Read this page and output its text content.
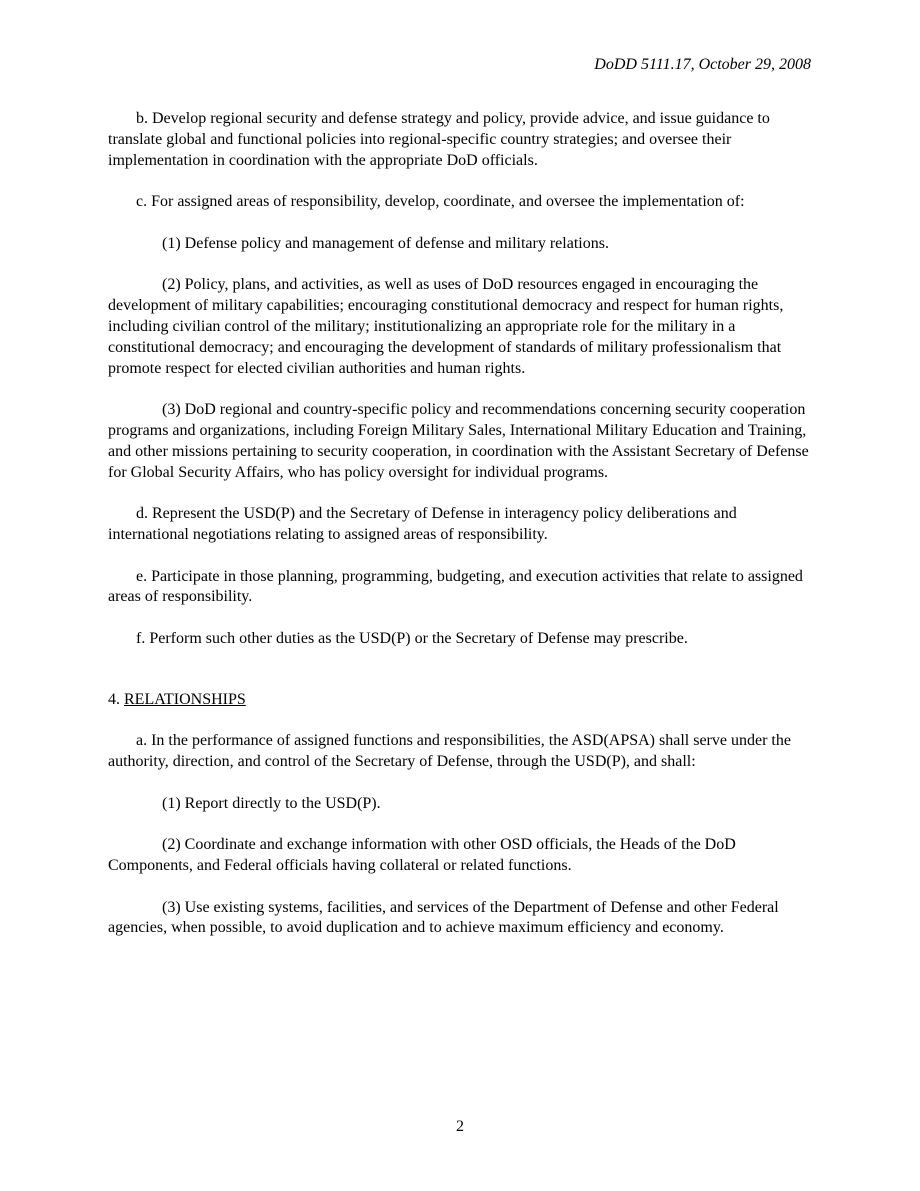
DoDD 5111.17, October 29, 2008

b. Develop regional security and defense strategy and policy, provide advice, and issue guidance to translate global and functional policies into regional-specific country strategies; and oversee their implementation in coordination with the appropriate DoD officials.

c. For assigned areas of responsibility, develop, coordinate, and oversee the implementation of:

(1) Defense policy and management of defense and military relations.

(2) Policy, plans, and activities, as well as uses of DoD resources engaged in encouraging the development of military capabilities; encouraging constitutional democracy and respect for human rights, including civilian control of the military; institutionalizing an appropriate role for the military in a constitutional democracy; and encouraging the development of standards of military professionalism that promote respect for elected civilian authorities and human rights.

(3) DoD regional and country-specific policy and recommendations concerning security cooperation programs and organizations, including Foreign Military Sales, International Military Education and Training, and other missions pertaining to security cooperation, in coordination with the Assistant Secretary of Defense for Global Security Affairs, who has policy oversight for individual programs.

d. Represent the USD(P) and the Secretary of Defense in interagency policy deliberations and international negotiations relating to assigned areas of responsibility.

e. Participate in those planning, programming, budgeting, and execution activities that relate to assigned areas of responsibility.

f. Perform such other duties as the USD(P) or the Secretary of Defense may prescribe.

4. RELATIONSHIPS

a. In the performance of assigned functions and responsibilities, the ASD(APSA) shall serve under the authority, direction, and control of the Secretary of Defense, through the USD(P), and shall:

(1) Report directly to the USD(P).

(2) Coordinate and exchange information with other OSD officials, the Heads of the DoD Components, and Federal officials having collateral or related functions.

(3) Use existing systems, facilities, and services of the Department of Defense and other Federal agencies, when possible, to avoid duplication and to achieve maximum efficiency and economy.

2
